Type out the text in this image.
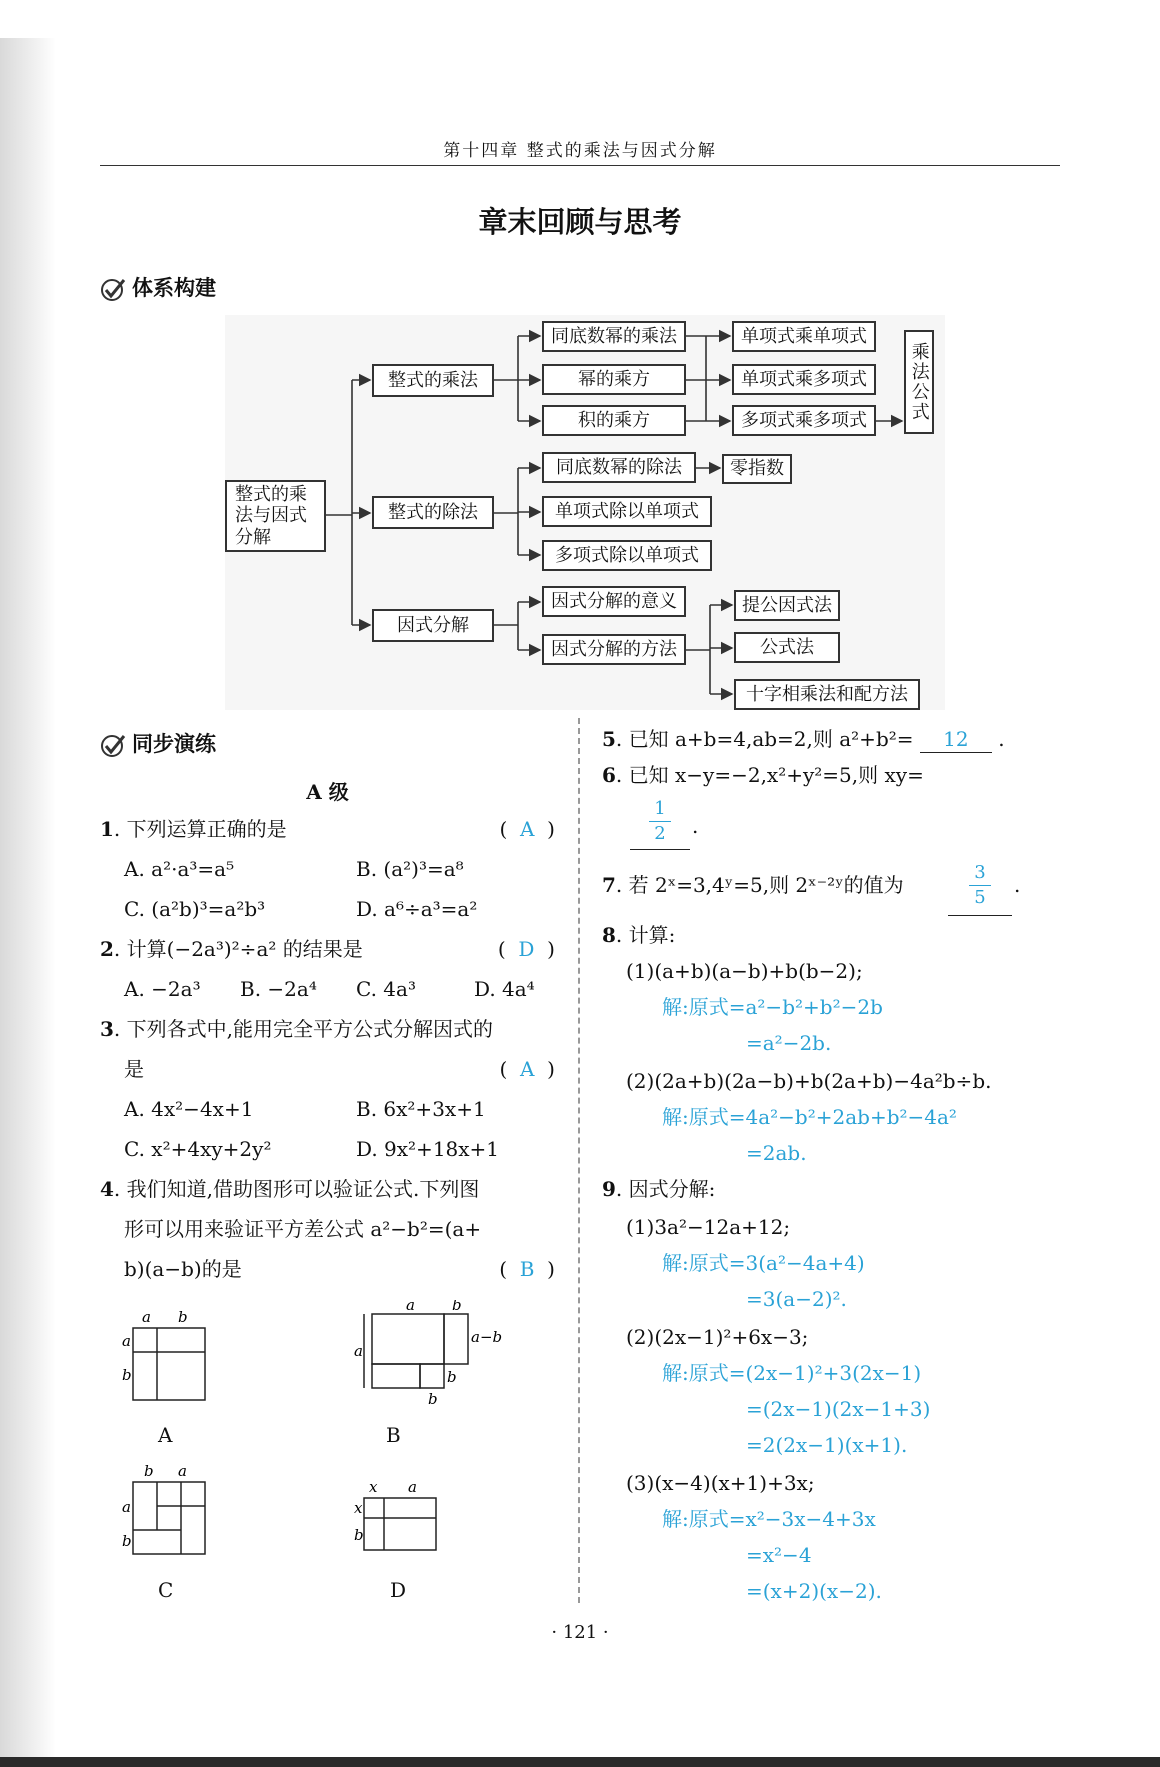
第十四章 整式的乘法与因式分解
章末回顾与思考
体系构建
整式的乘法与因式分解
整式的乘法
整式的除法
因式分解
同底数幂的乘法
幂的乘方
积的乘方
单项式乘单项式
单项式乘多项式
多项式乘多项式	乘法公式
同底数幂的除法	零指数
单项式除以单项式
多项式除以单项式
因式分解的意义
因式分解的方法
提公因式法
公式法
十字相乘法和配方法
同步演练
A 级
1. 下列运算正确的是	(  A  )
A. a²·a³=a⁵	B. (a²)³=a⁸
C. (a²b)³=a²b³	D. a⁶÷a³=a²
2. 计算(−2a³)²÷a² 的结果是	(  D  )
A. −2a³ B. −2a⁴ C. 4a³	D. 4a⁴
3. 下列各式中,能用完全平方公式分解因式的
是	(  A  )
A. 4x²−4x+1	B. 6x²+3x+1
C. x²+4xy+2y²	D. 9x²+18x+1
4. 我们知道,借助图形可以验证公式.下列图
形可以用来验证平方差公式 a²−b²=(a+
b)(a−b)的是	(  B  )
a b
a
b
A
a b
a−b
a
b
b
B
b a
a
b
C
x a
x
b
D
5. 已知 a+b=4,ab=2,则 a²+b²= 12 .
6. 已知 x−y=−2,x²+y²=5,则 xy=
1
2	.
7. 若 2ˣ=3,4ʸ=5,则 2ˣ⁻²ʸ的值为
3
5
.
8. 计算:
(1)(a+b)(a−b)+b(b−2);
解:原式=a²−b²+b²−2b
=a²−2b.
(2)(2a+b)(2a−b)+b(2a+b)−4a²b÷b.
解:原式=4a²−b²+2ab+b²−4a²
=2ab.
9. 因式分解:
(1)3a²−12a+12;
解:原式=3(a²−4a+4)
=3(a−2)².
(2)(2x−1)²+6x−3;
解:原式=(2x−1)²+3(2x−1)
=(2x−1)(2x−1+3)
=2(2x−1)(x+1).
(3)(x−4)(x+1)+3x;
解:原式=x²−3x−4+3x
=x²−4
=(x+2)(x−2).
· 121 ·
